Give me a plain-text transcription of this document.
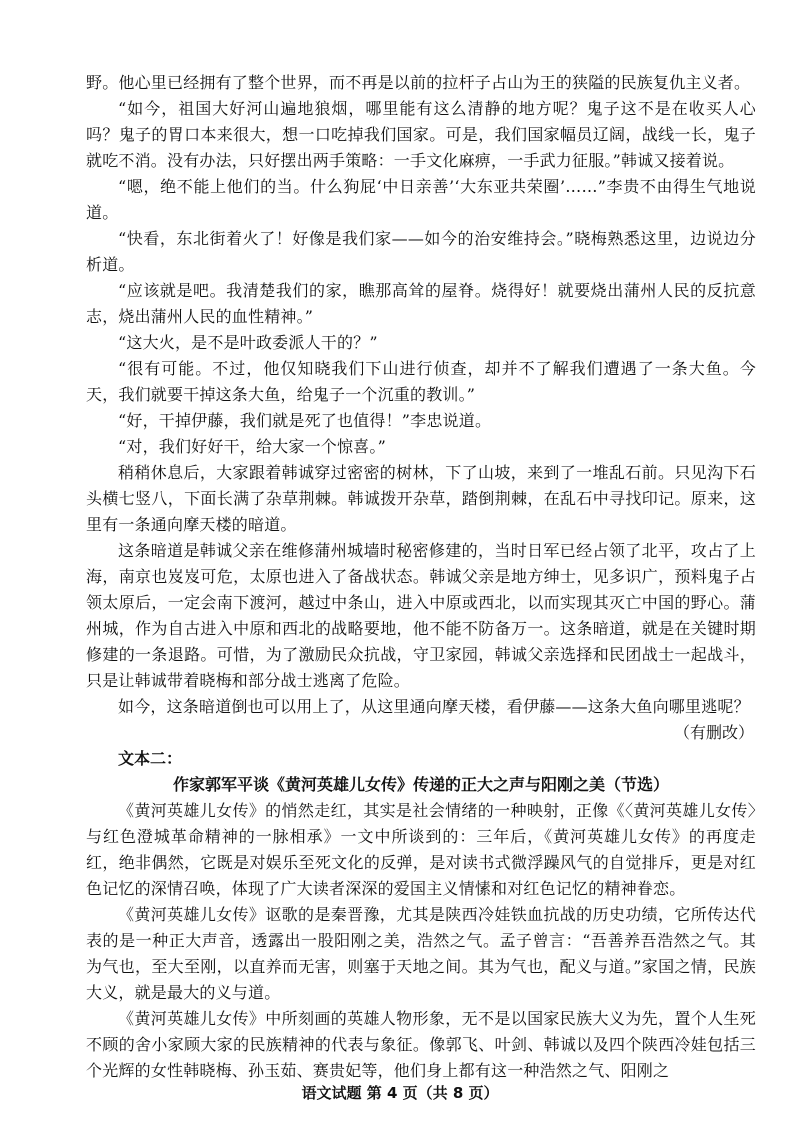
野。他心里已经拥有了整个世界，而不再是以前的拉杆子占山为王的狭隘的民族复仇主义者。

“如今，祖国大好河山遍地狼烟，哪里能有这么清静的地方呢？鬼子这不是在收买人心吗？鬼子的胃口本来很大，想一口吃掉我们国家。可是，我们国家幅员辽阔，战线一长，鬼子就吃不消。没有办法，只好摆出两手策略：一手文化麻痹，一手武力征服。”韩诚又接着说。

“嗯，绝不能上他们的当。什么狗屁‘中日亲善’‘大东亚共荣圈’……”李贵不由得生气地说道。

“快看，东北街着火了！好像是我们家——如今的治安维持会。”晓梅熟悉这里，边说边分析道。

“应该就是吧。我清楚我们的家，瞧那高耸的屋脊。烧得好！就要烧出蒲州人民的反抗意志，烧出蒲州人民的血性精神。”

“这大火，是不是叶政委派人干的？”

“很有可能。不过，他仅知晓我们下山进行侦查，却并不了解我们遭遇了一条大鱼。今天，我们就要干掉这条大鱼，给鬼子一个沉重的教训。”

“好，干掉伊藤，我们就是死了也值得！”李忠说道。

“对，我们好好干，给大家一个惊喜。”

稍稍休息后，大家跟着韩诚穿过密密的树林，下了山坡，来到了一堆乱石前。只见沟下石头横七竖八，下面长满了杂草荆棘。韩诚拨开杂草，踏倒荆棘，在乱石中寻找印记。原来，这里有一条通向摩天楼的暗道。

这条暗道是韩诚父亲在维修蒲州城墙时秘密修建的，当时日军已经占领了北平，攻占了上海，南京也岌岌可危，太原也进入了备战状态。韩诚父亲是地方绅士，见多识广，预料鬼子占领太原后，一定会南下渡河，越过中条山，进入中原或西北，以而实现其灭亡中国的野心。蒲州城，作为自古进入中原和西北的战略要地，他不能不防备万一。这条暗道，就是在关键时期修建的一条退路。可惜，为了激励民众抗战，守卫家园，韩诚父亲选择和民团战士一起战斗，只是让韩诚带着晓梅和部分战士逃离了危险。

如今，这条暗道倒也可以用上了，从这里通向摩天楼，看伊藤——这条大鱼向哪里逃呢？

（有删改）

文本二：

作家郭军平谈《黄河英雄儿女传》传递的正大之声与阳刚之美（节选）

《黄河英雄儿女传》的悄然走红，其实是社会情绪的一种映射，正像《〈黄河英雄儿女传〉与红色澄城革命精神的一脉相承》一文中所谈到的：三年后，《黄河英雄儿女传》的再度走红，绝非偶然，它既是对娱乐至死文化的反弹，是对读书式微浮躁风气的自觉排斥，更是对红色记忆的深情召唤，体现了广大读者深深的爱国主义情愫和对红色记忆的精神眷恋。

《黄河英雄儿女传》讴歌的是秦晋豫，尤其是陕西冷娃铁血抗战的历史功绩，它所传达代表的是一种正大声音，透露出一股阳刚之美，浩然之气。孟子曾言：“吾善养吾浩然之气。其为气也，至大至刚，以直养而无害，则塞于天地之间。其为气也，配义与道。”家国之情，民族大义，就是最大的义与道。

《黄河英雄儿女传》中所刻画的英雄人物形象，无不是以国家民族大义为先，置个人生死不顾的舍小家顾大家的民族精神的代表与象征。像郭飞、叶剑、韩诚以及四个陕西冷娃包括三个光辉的女性韩晓梅、孙玉茹、赛贵妃等，他们身上都有这一种浩然之气、阳刚之

语文试题 第 4 页（共 8 页）
